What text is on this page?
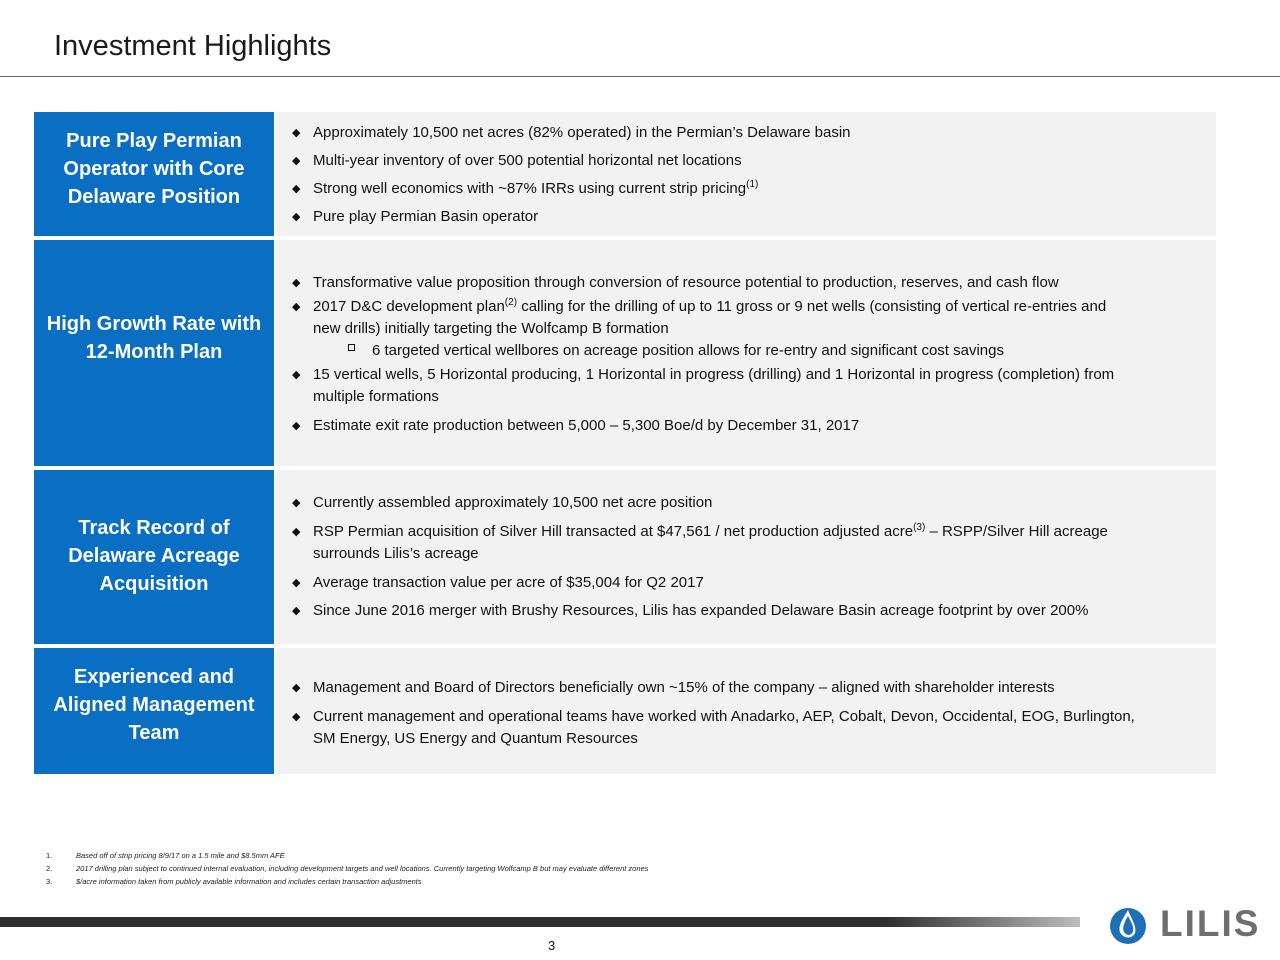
Investment Highlights
Pure Play Permian
Operator with Core
Delaware Position
◆ Approximately 10,500 net acres (82% operated) in the Permian’s Delaware basin
◆ Multi-year inventory of over 500 potential horizontal net locations
◆ Strong well economics with ~87% IRRs using current strip pricing$^{(1)}$
◆ Pure play Permian Basin operator
High Growth Rate with
12-Month Plan
◆ Transformative value proposition through conversion of resource potential to production, reserves, and cash flow
◆ 2017 D&C development plan$^{(2)}$ calling for the drilling of up to 11 gross or 9 net wells (consisting of vertical re-entries and
new drills) initially targeting the Wolfcamp B formation
6 targeted vertical wellbores on acreage position allows for re-entry and significant cost savings
◆ 15 vertical wells, 5 Horizontal producing, 1 Horizontal in progress (drilling) and 1 Horizontal in progress (completion) from
multiple formations
◆ Estimate exit rate production between 5,000 – 5,300 Boe/d by December 31, 2017
Track Record of
Delaware Acreage
Acquisition
◆ Currently assembled approximately 10,500 net acre position
◆ RSP Permian acquisition of Silver Hill transacted at $47,561 / net production adjusted acre$^{(3)}$ – RSPP/Silver Hill acreage
surrounds Lilis’s acreage
◆ Average transaction value per acre of $35,004 for Q2 2017
◆ Since June 2016 merger with Brushy Resources, Lilis has expanded Delaware Basin acreage footprint by over 200%
Experienced and
Aligned Management
Team
◆ Management and Board of Directors beneficially own ~15% of the company – aligned with shareholder interests
◆ Current management and operational teams have worked with Anadarko, AEP, Cobalt, Devon, Occidental, EOG, Burlington,
SM Energy, US Energy and Quantum Resources
1.	Based off of strip pricing 8/9/17 on a 1.5 mile and $8.5mm AFE
2.	2017 drilling plan subject to continued internal evaluation, including development targets and well locations. Currently targeting Wolfcamp B but may evaluate different zones
3.	$/acre information taken from publicly available information and includes certain transaction adjustments
3
LILIS
